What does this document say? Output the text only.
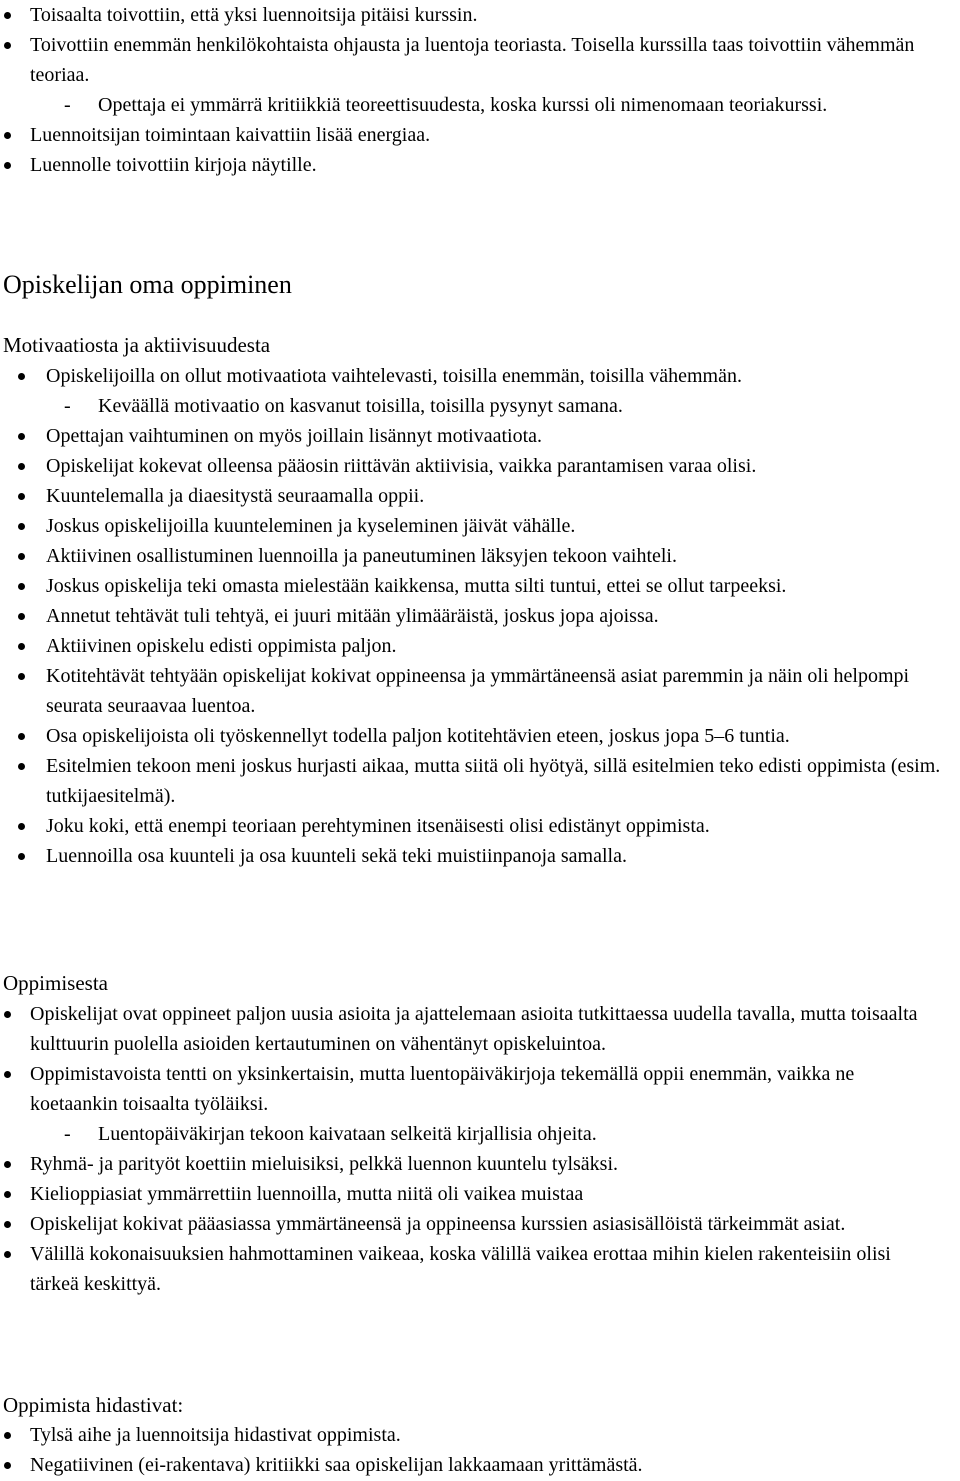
Toisaalta toivottiin, että yksi luennoitsija pitäisi kurssin.
Toivottiin enemmän henkilökohtaista ohjausta ja luentoja teoriasta. Toisella kurssilla taas toivottiin vähemmän teoriaa.
- Opettaja ei ymmärrä kritiikkiä teoreettisuudesta, koska kurssi oli nimenomaan teoriakurssi.
Luennoitsijan toimintaan kaivattiin lisää energiaa.
Luennolle toivottiin kirjoja näytille.
Opiskelijan oma oppiminen
Motivaatiosta ja aktiivisuudesta
Opiskelijoilla on ollut motivaatiota vaihtelevasti, toisilla enemmän, toisilla vähemmän.
- Keväällä motivaatio on kasvanut toisilla, toisilla pysynyt samana.
Opettajan vaihtuminen on myös joillain lisännyt motivaatiota.
Opiskelijat kokevat olleensa pääosin riittävän aktiivisia, vaikka parantamisen varaa olisi.
Kuuntelemalla ja diaesitystä seuraamalla oppii.
Joskus opiskelijoilla kuunteleminen ja kyseleminen jäivät vähälle.
Aktiivinen osallistuminen luennoilla ja paneutuminen läksyjen tekoon vaihteli.
Joskus opiskelija teki omasta mielestään kaikkensa, mutta silti tuntui, ettei se ollut tarpeeksi.
Annetut tehtävät tuli tehtyä, ei juuri mitään ylimääräistä, joskus jopa ajoissa.
Aktiivinen opiskelu edisti oppimista paljon.
Kotitehtävät tehtyään opiskelijat kokivat oppineensa ja ymmärtäneensä asiat paremmin ja näin oli helpompi seurata seuraavaa luentoa.
Osa opiskelijoista oli työskennellyt todella paljon kotitehtävien eteen, joskus jopa 5–6 tuntia.
Esitelmien tekoon meni joskus hurjasti aikaa, mutta siitä oli hyötyä, sillä esitelmien teko edisti oppimista (esim. tutkijaesitelmä).
Joku koki, että enempi teoriaan perehtyminen itsenäisesti olisi edistänyt oppimista.
Luennoilla osa kuunteli ja osa kuunteli sekä teki muistiinpanoja samalla.
Oppimisesta
Opiskelijat ovat oppineet paljon uusia asioita ja ajattelemaan asioita tutkittaessa uudella tavalla, mutta toisaalta kulttuurin puolella asioiden kertautuminen on vähentänyt opiskeluintoa.
Oppimistavoista tentti on yksinkertaisin, mutta luentopäiväkirjoja tekemällä oppii enemmän, vaikka ne koetaankin toisaalta työläiksi.
- Luentopäiväkirjan tekoon kaivataan selkeitä kirjallisia ohjeita.
Ryhmä- ja parityöt koettiin mieluisiksi, pelkkä luennon kuuntelu tylsäksi.
Kielioppiasiat ymmärrettiin luennoilla, mutta niitä oli vaikea muistaa
Opiskelijat kokivat pääasiassa ymmärtäneensä ja oppineensa kurssien asiasisällöistä tärkeimmät asiat.
Välillä kokonaisuuksien hahmottaminen vaikeaa, koska välillä vaikea erottaa mihin kielen rakenteisiin olisi tärkeä keskittyä.
Oppimista hidastivat:
Tylsä aihe ja luennoitsija hidastivat oppimista.
Negatiivinen (ei-rakentava) kritiikki saa opiskelijan lakkaamaan yrittämästä.
